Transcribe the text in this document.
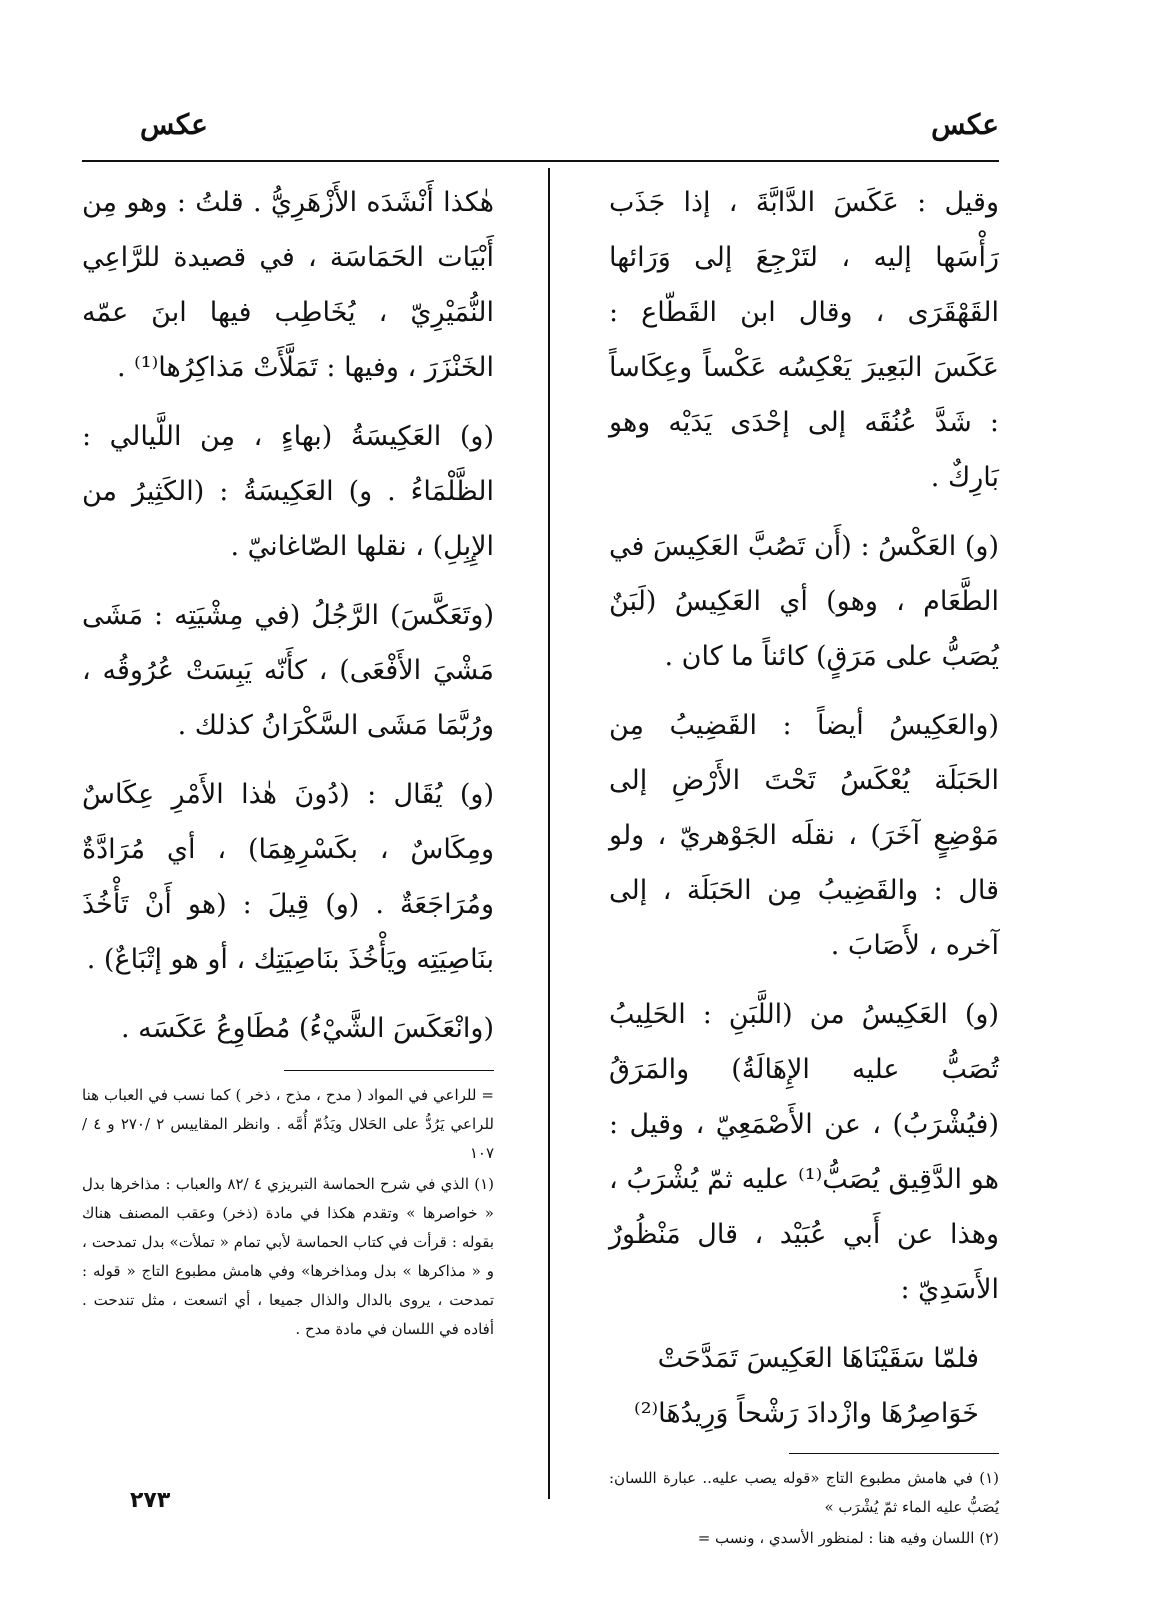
عكس
عكس

وقيل : عَكَسَ الدَّابَّةَ ، إذا جَذَب رَأْسَها إليه ، لتَرْجِعَ إلى وَرَائها القَهْقَرَى ، وقال ابن القَطّاع : عَكَسَ البَعِيرَ يَعْكِسُه عَكْساً وعِكَاساً : شَدَّ عُنُقَه إلى إحْدَى يَدَيْه وهو بَارِكٌ .

(و) العَكْسُ : (أَن تَصُبَّ العَكِيسَ في الطَّعَام ، وهو) أي العَكِيسُ (لَبَنٌ يُصَبُّ على مَرَقٍ) كائناً ما كان .

(والعَكِيسُ أيضاً : القَضِيبُ مِن الحَبَلَة يُعْكَسُ تَحْتَ الأَرْضِ إلى مَوْضِعٍ آخَرَ) ، نقلَه الجَوْهريّ ، ولو قال : والقَضِيبُ مِن الحَبَلَة ، إلى آخره ، لأَصَابَ .

(و) العَكِيسُ من (اللَّبَنِ : الحَلِيبُ تُصَبُّ عليه الإِهَالَةُ) والمَرَقُ (فيُشْرَبُ) ، عن الأَصْمَعِيّ ، وقيل : هو الدَّقِيق يُصَبُّ⁽¹⁾ عليه ثمّ يُشْرَبُ ، وهذا عن أَبي عُبَيْد ، قال مَنْظُورٌ الأَسَدِيّ :

فلمّا سَقَيْنَاهَا العَكِيسَ تَمَدَّحَتْ

خَوَاصِرُهَا وازْدادَ رَشْحاً وَرِيدُهَا⁽²⁾

(١) في هامش مطبوع التاج «قوله يصب عليه.. عبارة اللسان: يُصَبُّ عليه الماء ثمّ يُشْرَب »

(٢) اللسان وفيه هنا : لمنظور الأسدي ، ونسب =

هٰكذا أَنْشَدَه الأَزْهَرِيُّ . قلتُ : وهو مِن أَبْيَات الحَمَاسَة ، في قصيدة للرَّاعِي النُّمَيْرِيّ ، يُخَاطِب فيها ابنَ عمّه الخَنْزَرَ ، وفيها : تَمَلَّأَتْ مَذاكِرُها⁽¹⁾ .

(و) العَكِيسَةُ (بهاءٍ ، مِن اللَّيالي : الظَّلْمَاءُ . و) العَكِيسَةُ : (الكَثِيرُ من الإِبِلِ) ، نقلها الصّاغانيّ .

(وتَعَكَّسَ) الرَّجُلُ (في مِشْيَتِه : مَشَى مَشْيَ الأَفْعَى) ، كأَنّه يَبِسَتْ عُرُوقُه ، ورُبَّمَا مَشَى السَّكْرَانُ كذلك .

(و) يُقَال : (دُونَ هٰذا الأَمْرِ عِكَاسٌ ومِكَاسٌ ، بكَسْرِهِمَا) ، أي مُرَادَّةٌ ومُرَاجَعَةٌ . (و) قِيلَ : (هو أَنْ تَأْخُذَ بنَاصِيَتِه ويَأْخُذَ بنَاصِيَتِك ، أو هو إتْبَاعٌ) .

(وانْعَكَسَ الشَّيْءُ) مُطَاوِعُ عَكَسَه .

= للراعي في المواد ( مدح ، مذح ، ذخر ) كما نسب في العباب هنا للراعي يَرُدُّ على الحَلال ويَذُمّ أُمَّه . وانظر المقاييس ٢ /٢٧٠ و ٤ /١٠٧

(١) الذي في شرح الحماسة التبريزي ٤ /٨٢ والعباب : مذاخرها بدل « خواصرها » وتقدم هكذا في مادة (ذخر) وعقب المصنف هناك بقوله : قرأت في كتاب الحماسة لأبي تمام « تملأت» بدل تمدحت ، و « مذاكرها » بدل ومذاخرها» وفي هامش مطبوع التاج « قوله : تمدحت ، يروى بالدال والذال جميعا ، أي اتسعت ، مثل تندحت . أفاده في اللسان في مادة مدح .

٢٧٣
